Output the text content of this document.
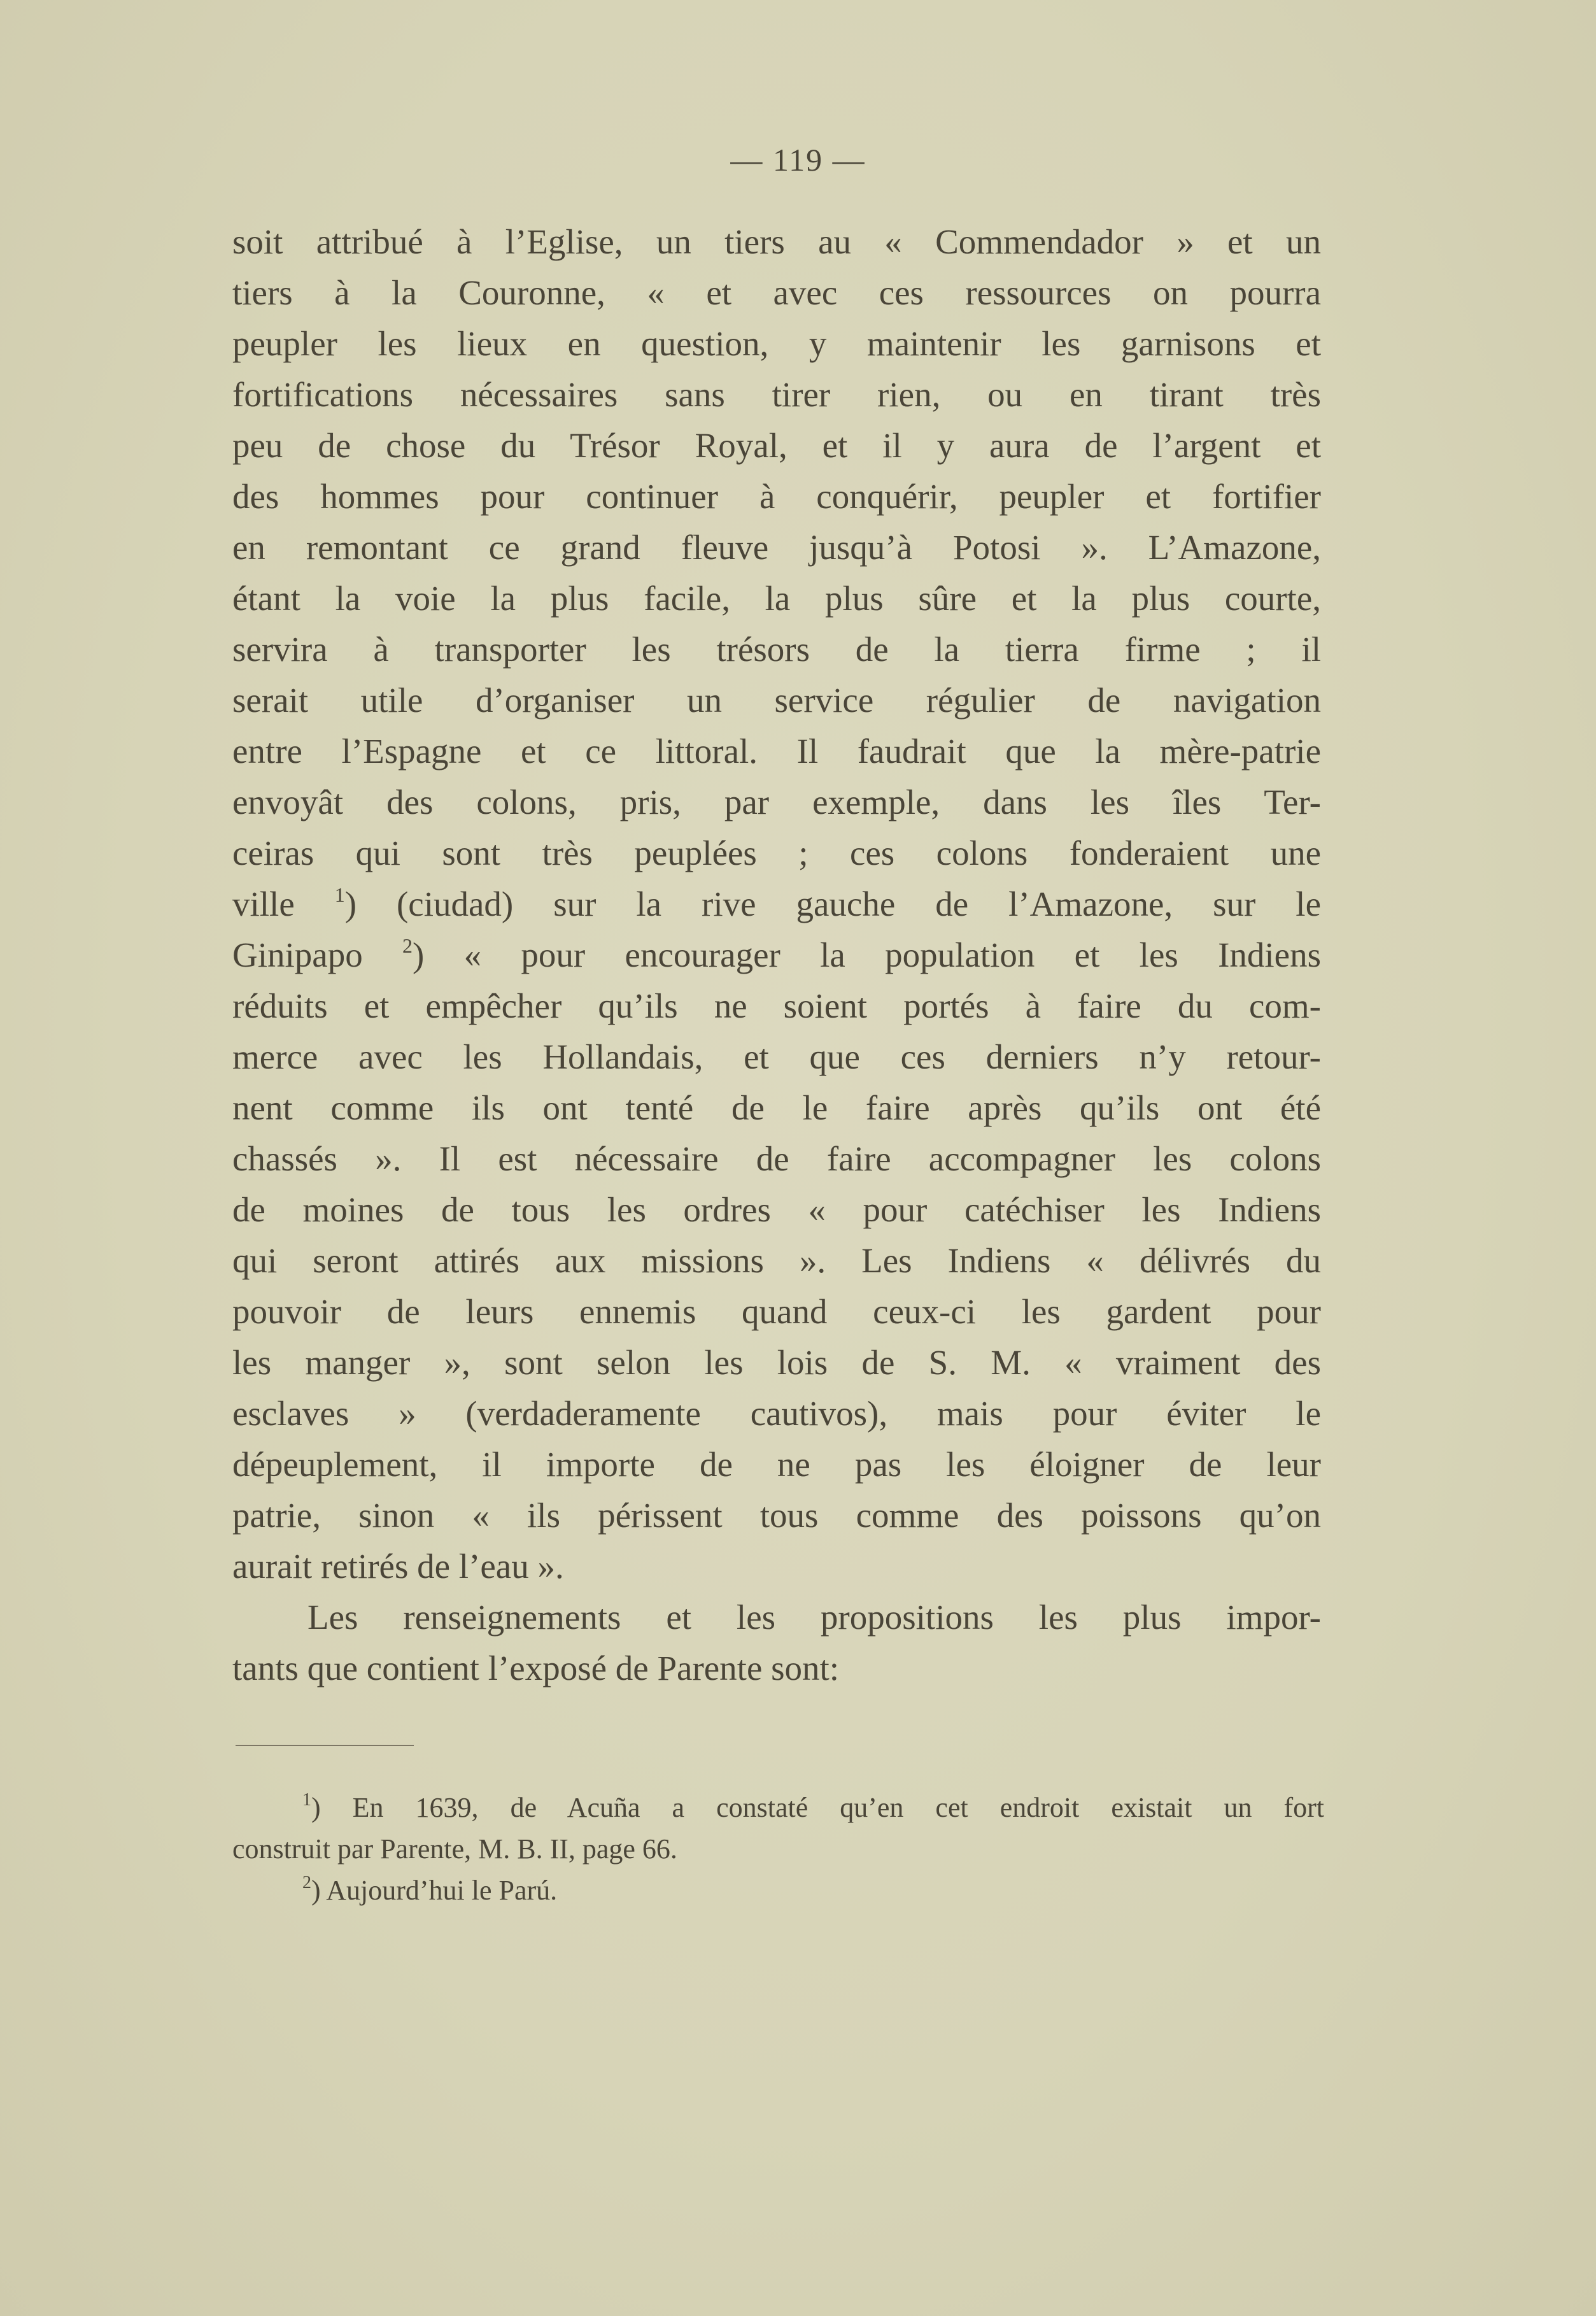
— 119 —
soit attribué à l’Eglise, un tiers au « Commendador » et un
tiers à la Couronne, « et avec ces ressources on pourra
peupler les lieux en question, y maintenir les garnisons et
fortifications nécessaires sans tirer rien, ou en tirant très
peu de chose du Trésor Royal, et il y aura de l’argent et
des hommes pour continuer à conquérir, peupler et fortifier
en remontant ce grand fleuve jusqu’à Potosi ». L’Amazone,
étant la voie la plus facile, la plus sûre et la plus courte,
servira à transporter les trésors de la tierra firme ; il
serait utile d’organiser un service régulier de navigation
entre l’Espagne et ce littoral. Il faudrait que la mère-patrie
envoyât des colons, pris, par exemple, dans les îles Ter-
ceiras qui sont très peuplées ; ces colons fonderaient une
ville $^1$) (ciudad) sur la rive gauche de l’Amazone, sur le
Ginipapo $^2$) « pour encourager la population et les Indiens
réduits et empêcher qu’ils ne soient portés à faire du com-
merce avec les Hollandais, et que ces derniers n’y retour-
nent comme ils ont tenté de le faire après qu’ils ont été
chassés ». Il est nécessaire de faire accompagner les colons
de moines de tous les ordres « pour catéchiser les Indiens
qui seront attirés aux missions ». Les Indiens « délivrés du
pouvoir de leurs ennemis quand ceux-ci les gardent pour
les manger », sont selon les lois de S. M. « vraiment des
esclaves » (verdaderamente cautivos), mais pour éviter le
dépeuplement, il importe de ne pas les éloigner de leur
patrie, sinon « ils périssent tous comme des poissons qu’on
aurait retirés de l’eau ».
Les renseignements et les propositions les plus impor-
tants que contient l’exposé de Parente sont:
$^1$) En 1639, de Acuña a constaté qu’en cet endroit existait un fort
construit par Parente, M. B. II, page 66.
$^2$) Aujourd’hui le Parú.
